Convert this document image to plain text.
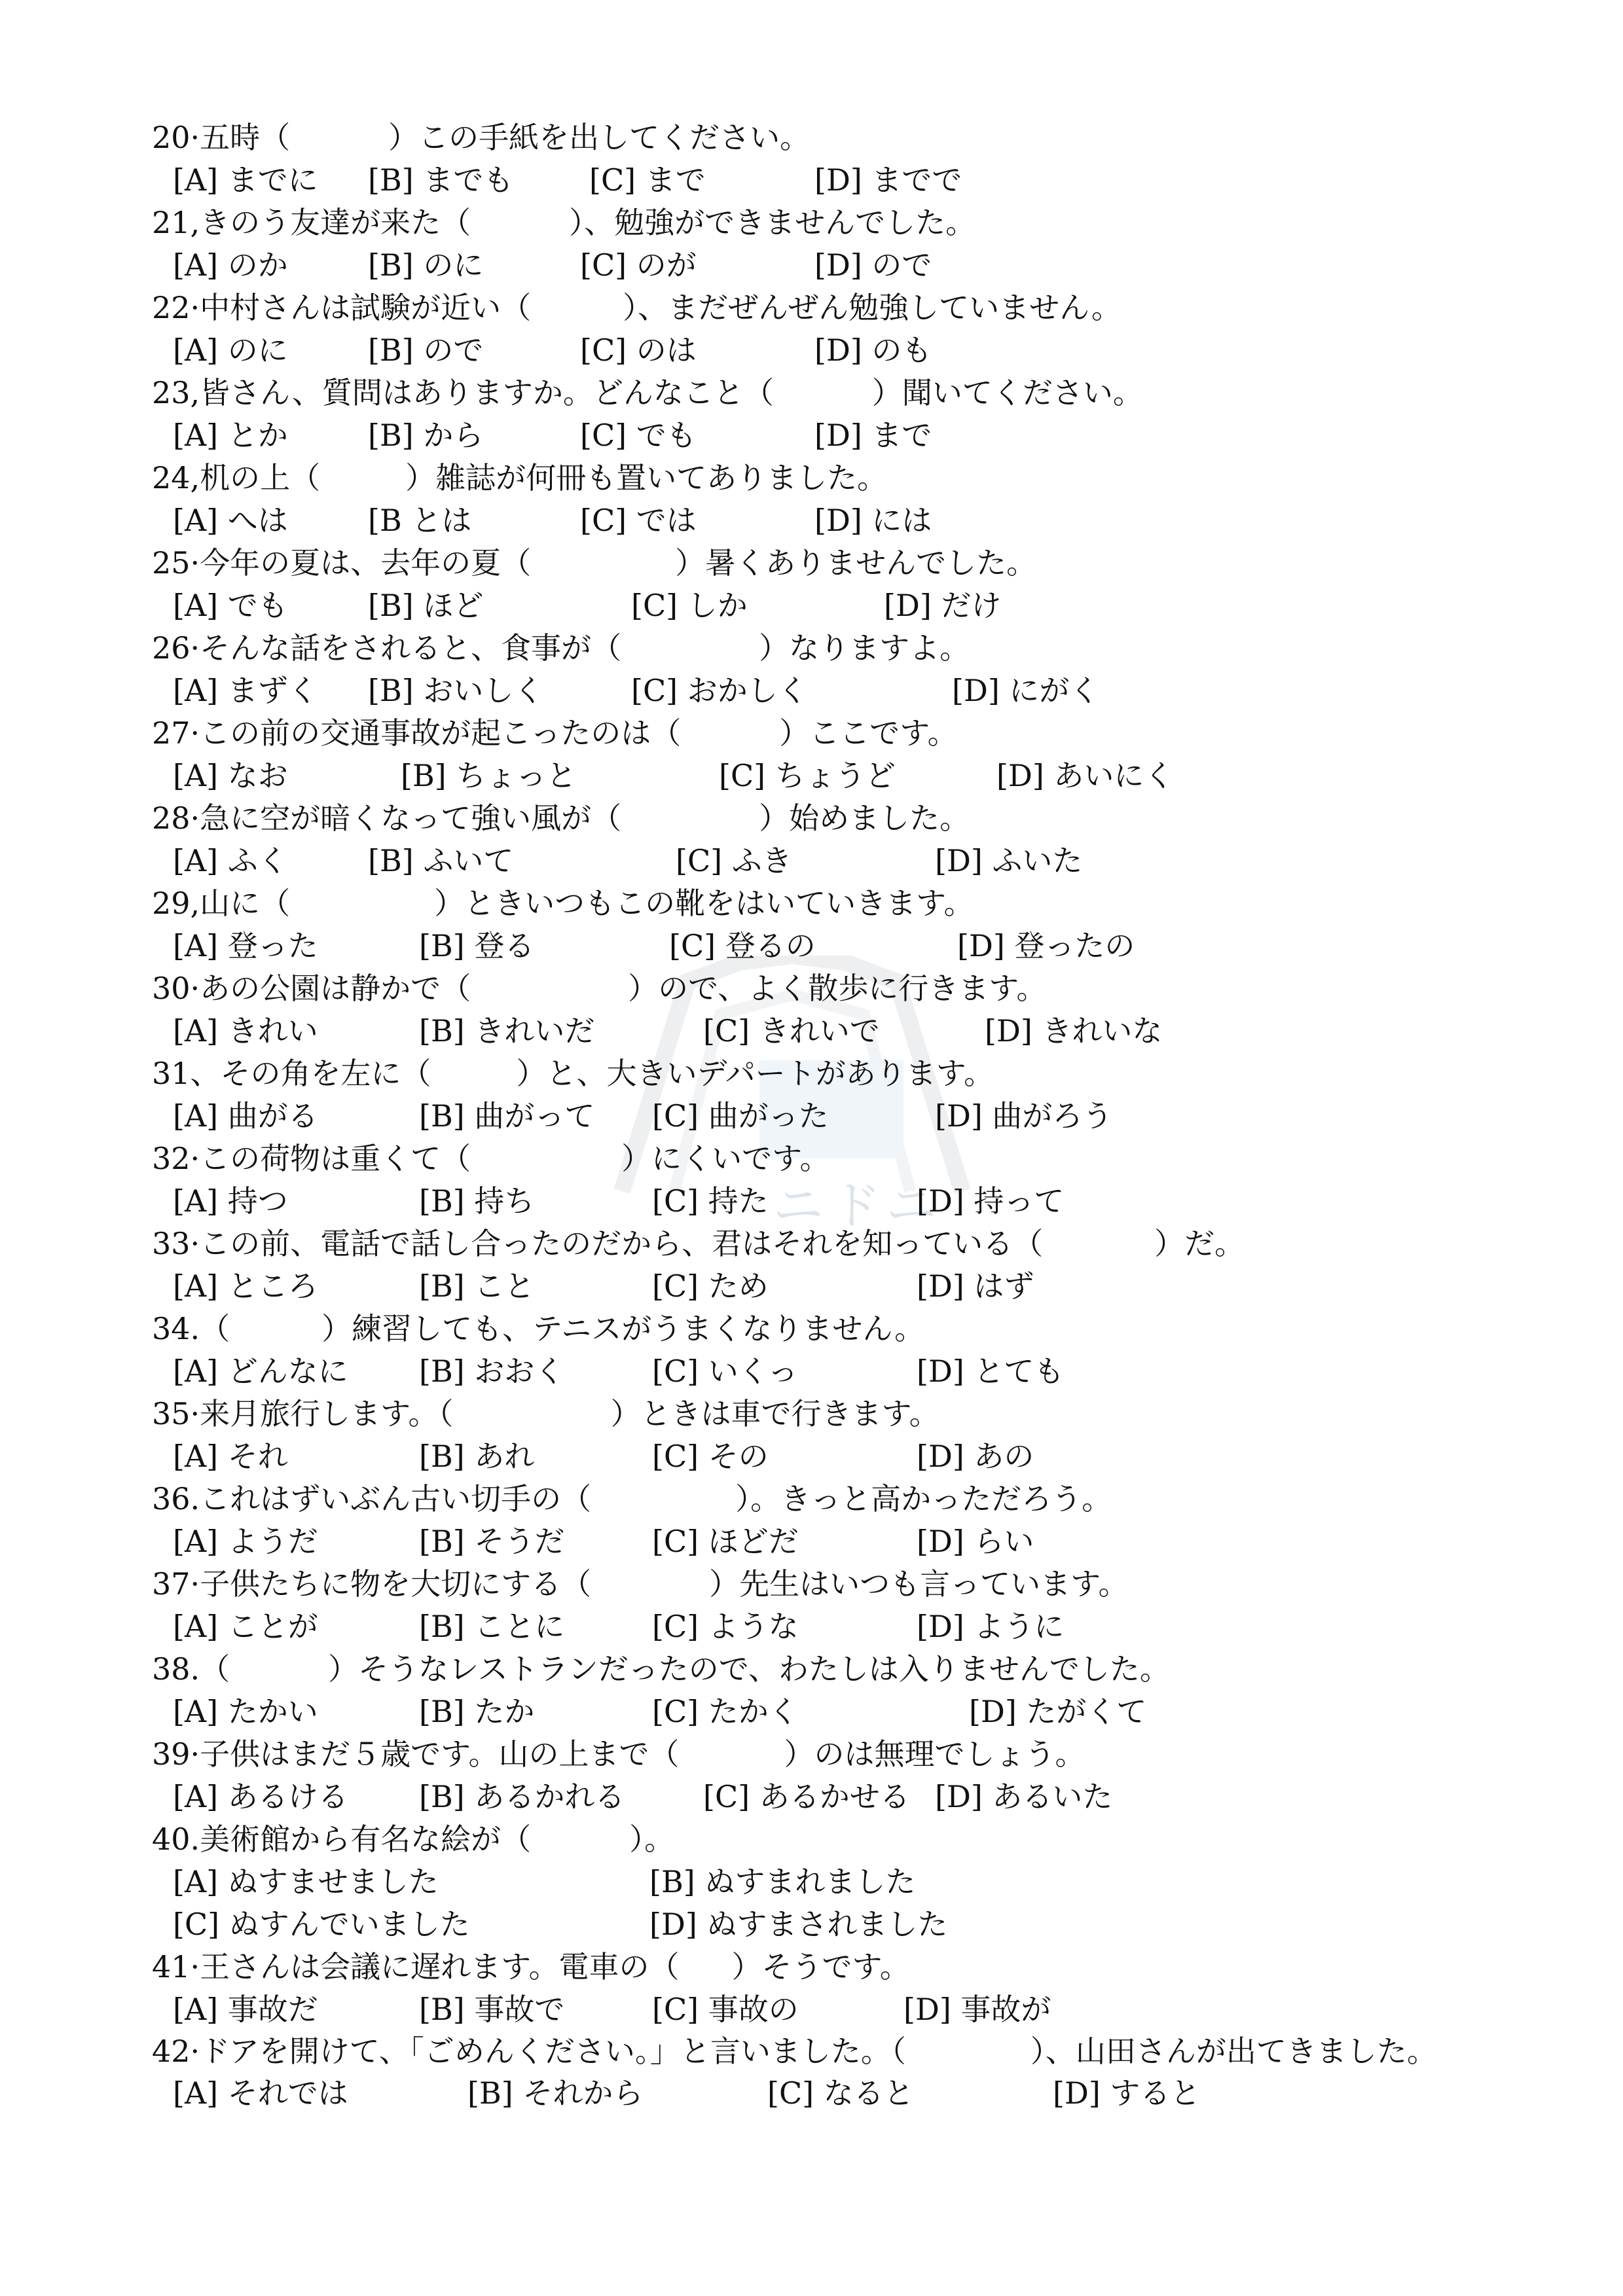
ニドニ
20·五時（	）この手紙を出してください。
[A] までに [B] までも	[C] まで	[D] までで
21,きのう友達が来た（	）、勉強ができませんでした。
[A] のか	[B] のに	[C] のが	[D] ので
22·中村さんは試験が近い（	）、まだぜんぜん勉強していません。
[A] のに	[B] ので	[C] のは	[D] のも
23,皆さん、質問はありますか。どんなこと（	）聞いてください。
[A] とか	[B] から	[C] でも	[D] まで
24,机の上（	）雑誌が何冊も置いてありました。
[A] へは	[B とは	[C] では	[D] には
25·今年の夏は、去年の夏（	）暑くありませんでした。
[A] でも	[B] ほど	[C] しか	[D] だけ
26·そんな話をされると、食事が（	）なりますよ。
[A] まずく [B] おいしく	[C] おかしく	[D] にがく
27·この前の交通事故が起こったのは（	）ここです。
[A] なお	[B] ちょっと	[C] ちょうど	[D] あいにく
28·急に空が暗くなって強い風が（	）始めました。
[A] ふく	[B] ふいて	[C] ふき	[D] ふいた
29,山に（	）ときいつもこの靴をはいていきます。
[A] 登った	[B] 登る	[C] 登るの	[D] 登ったの
30·あの公園は静かで（	）ので、よく散歩に行きます。
[A] きれい	[B] きれいだ	[C] きれいで	[D] きれいな
31、その角を左に（	）と、大きいデパートがあります。
[A] 曲がる	[B] 曲がって [C] 曲がった	[D] 曲がろう
32·この荷物は重くて（	）にくいです。
[A] 持つ	[B] 持ち	[C] 持た	[D] 持って
33·この前、電話で話し合ったのだから、君はそれを知っている（	）だ。
[A] ところ	[B] こと	[C] ため	[D] はず
34.（	）練習しても、テニスがうまくなりません。
[A] どんなに [B] おおく	[C] いくっ	[D] とても
35·来月旅行します。（	）ときは車で行きます。
[A] それ	[B] あれ	[C] その	[D] あの
36.これはずいぶん古い切手の（	）。きっと高かっただろう。
[A] ようだ	[B] そうだ	[C] ほどだ	[D] らい
37·子供たちに物を大切にする（	）先生はいつも言っています。
[A] ことが	[B] ことに	[C] ような	[D] ように
38.（	）そうなレストランだったので、わたしは入りませんでした。
[A] たかい	[B] たか	[C] たかく	[D] たがくて
39·子供はまだ５歳です。山の上まで（	）のは無理でしょう。
[A] あるける [B] あるかれる	[C] あるかせる [D] あるいた
40.美術館から有名な絵が（	）。
[A] ぬすませました	[B] ぬすまれました
[C] ぬすんでいました	[D] ぬすまされました
41·王さんは会議に遅れます。電車の（ ）そうです。
[A] 事故だ	[B] 事故で	[C] 事故の	[D] 事故が
42·ドアを開けて、「ごめんください。」と言いました。（	）、山田さんが出てきました。
[A] それでは	[B] それから	[C] なると	[D] すると
